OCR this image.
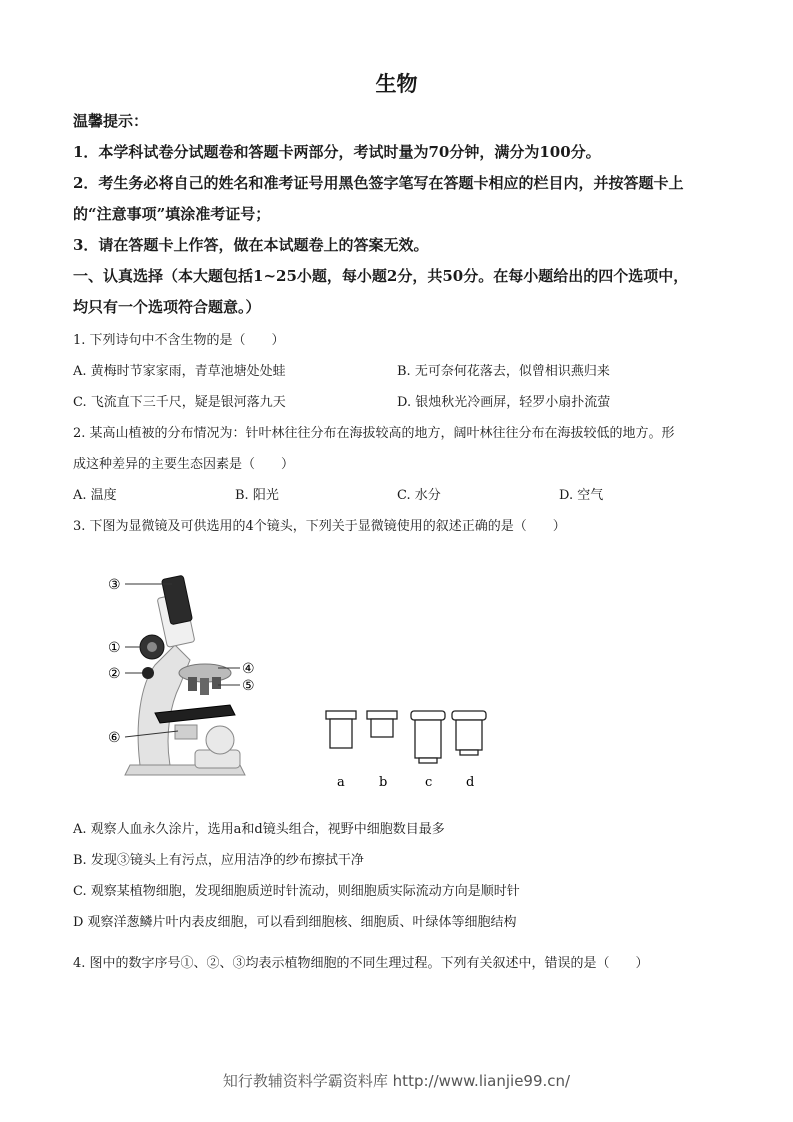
生物
温馨提示：
1．本学科试卷分试题卷和答题卡两部分，考试时量为70分钟，满分为100分。
2．考生务必将自己的姓名和准考证号用黑色签字笔写在答题卡相应的栏目内，并按答题卡上
的“注意事项”填涂准考证号；
3．请在答题卡上作答，做在本试题卷上的答案无效。
一、认真选择（本大题包括1~25小题，每小题2分，共50分。在每小题给出的四个选项中，
均只有一个选项符合题意。）
1. 下列诗句中不含生物的是（　　）
A. 黄梅时节家家雨，青草池塘处处蛙	B. 无可奈何花落去，似曾相识燕归来
C. 飞流直下三千尺，疑是银河落九天	D. 银烛秋光冷画屏，轻罗小扇扑流萤
2. 某高山植被的分布情况为：针叶林往往分布在海拔较高的地方，阔叶林往往分布在海拔较低的地方。形
成这种差异的主要生态因素是（　　）
A. 温度	B. 阳光	C. 水分	D. 空气
3. 下图为显微镜及可供选用的4个镜头，下列关于显微镜使用的叙述正确的是（　　）
③
①
②	④
⑤
⑥
a	b	c	d
A. 观察人血永久涂片，选用a和d镜头组合，视野中细胞数目最多
B. 发现③镜头上有污点，应用洁净的纱布擦拭干净
C. 观察某植物细胞，发现细胞质逆时针流动，则细胞质实际流动方向是顺时针
D 观察洋葱鳞片叶内表皮细胞，可以看到细胞核、细胞质、叶绿体等细胞结构
4. 图中的数字序号①、②、③均表示植物细胞的不同生理过程。下列有关叙述中，错误的是（　　）
知行教辅资料学霸资料库 http://www.lianjie99.cn/
